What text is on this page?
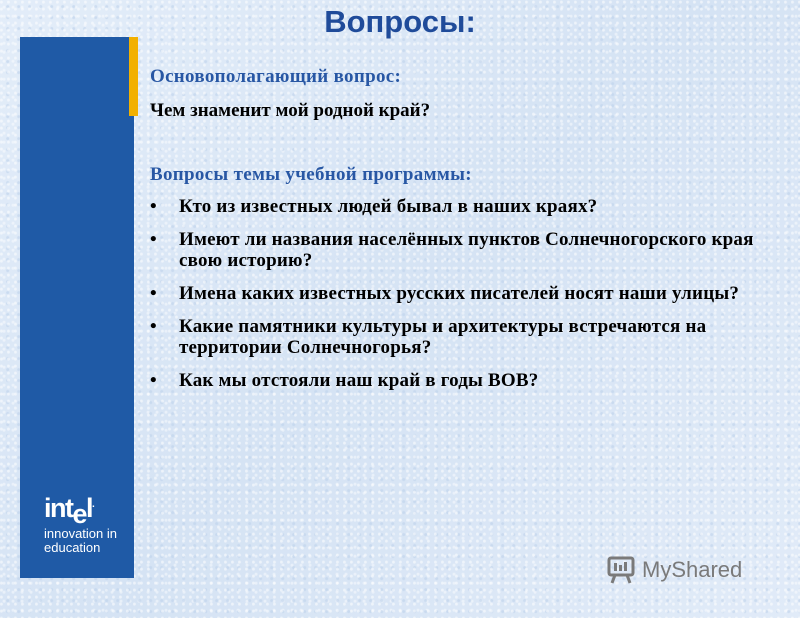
intel.
innovation in
education
Вопросы:

Основополагающий вопрос:

Чем знаменит мой родной край?

Вопросы темы учебной программы:

• Кто из известных людей бывал в наших краях?
• Имеют ли названия населённых пунктов Солнечногорского края свою историю?
• Имена каких известных русских писателей носят наши улицы?
• Какие памятники культуры и архитектуры встречаются на территории Солнечногорья?
• Как мы отстояли наш край в годы ВОВ?
MyShared
